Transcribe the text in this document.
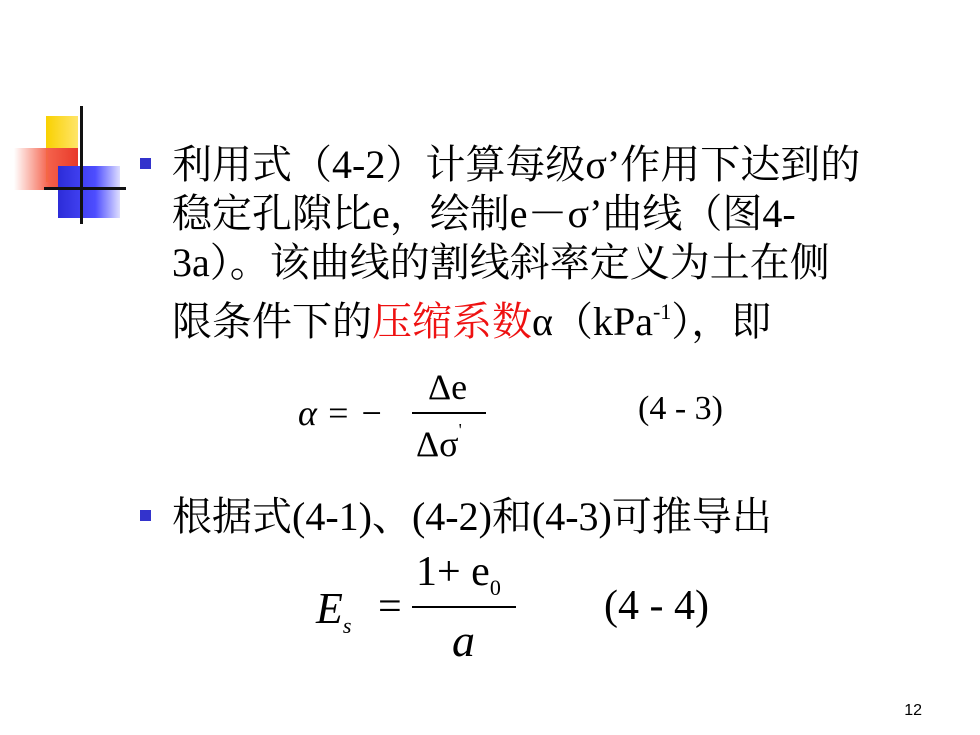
利用式（4-2）计算每级σ’作用下达到的
稳定孔隙比e，绘制e－σ’曲线（图4-
3a）。该曲线的割线斜率定义为土在侧
限条件下的压缩系数α（kPa$^{-1}$），即
α = −
Δe
Δσ'
(4 - 3)
根据式(4-1)、(4-2)和(4-3)可推导出
$E_s$ =
$1+ e_0$
a
(4 - 4)
12
